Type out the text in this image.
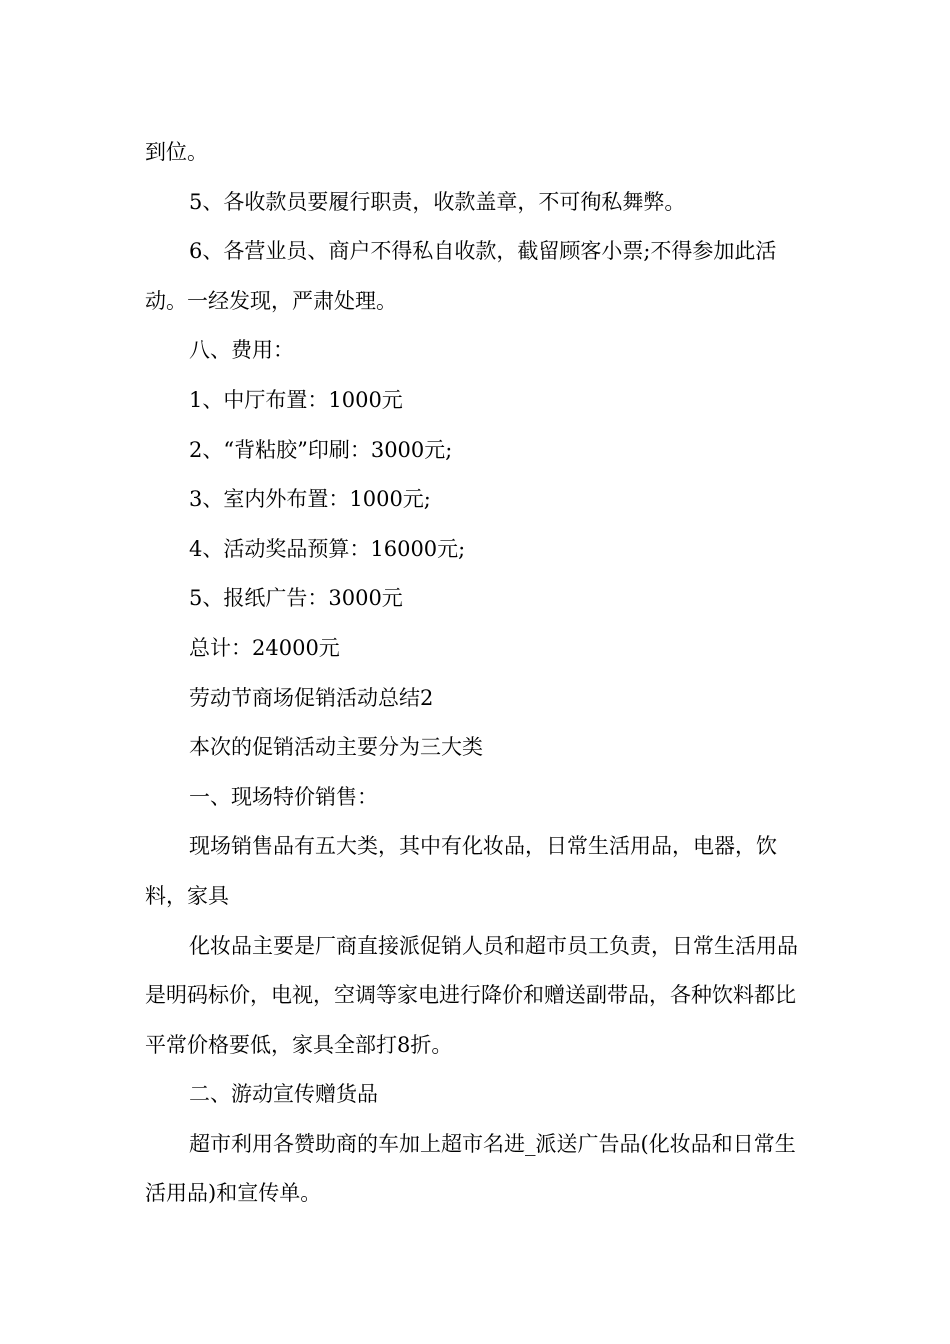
到位。

5、各收款员要履行职责，收款盖章，不可徇私舞弊。

6、各营业员、商户不得私自收款，截留顾客小票;不得参加此活动。一经发现，严肃处理。

八、费用：

1、中厅布置：1000元

2、“背粘胶”印刷：3000元;

3、室内外布置：1000元;

4、活动奖品预算：16000元;

5、报纸广告：3000元

总计：24000元

劳动节商场促销活动总结2

本次的促销活动主要分为三大类

一、现场特价销售：

现场销售品有五大类，其中有化妆品，日常生活用品，电器，饮料，家具

化妆品主要是厂商直接派促销人员和超市员工负责，日常生活用品是明码标价，电视，空调等家电进行降价和赠送副带品，各种饮料都比平常价格要低，家具全部打8折。

二、游动宣传赠货品

超市利用各赞助商的车加上超市名进_派送广告品(化妆品和日常生活用品)和宣传单。
